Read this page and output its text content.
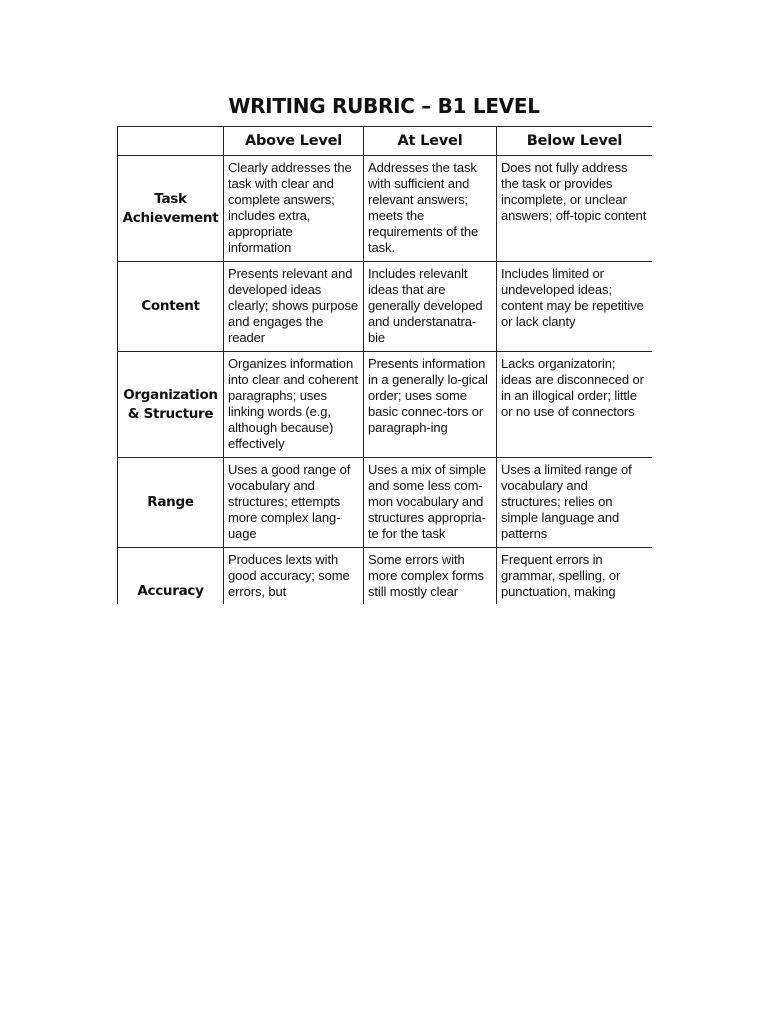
WRITING RUBRIC – B1 LEVEL
	Above Level	At Level	Below Level

Task Achievement	Clearly addresses the task with clear and complete answers; includes extra, appropriate information	Addresses the task with sufficient and relevant answers; meets the requirements of the task.	Does not fully address the task or provides incomplete, or unclear answers; off-topic content

Content	Presents relevant and developed ideas clearly; shows purpose and engages the reader	Includes relevanlt ideas that are generally developed and understanatra-bie	Includes limited or undeveloped ideas; content may be repetitive or lack clanty

Organization & Structure	Organizes information into clear and coherent paragraphs; uses linking words (e.g, although because) effectively	Presents information in a generally lo-gical order; uses some basic connec-tors or paragraph-ing	Lacks organizatorin; ideas are disconneced or in an illogical order; little or no use of connectors

Range	Uses a good range of vocabulary and structures; ettempts more complex lang-uage	Uses a mix of simple and some less com-mon vocabulary and structures appropria-te for the task	Uses a limited range of vocabulary and structures; relies on simple language and patterns

Accuracy	Produces lexts with good accuracy; some errors, but	Some errors with more complex forms still mostly clear	Frequent errors in grammar, spelling, or punctuation, making
